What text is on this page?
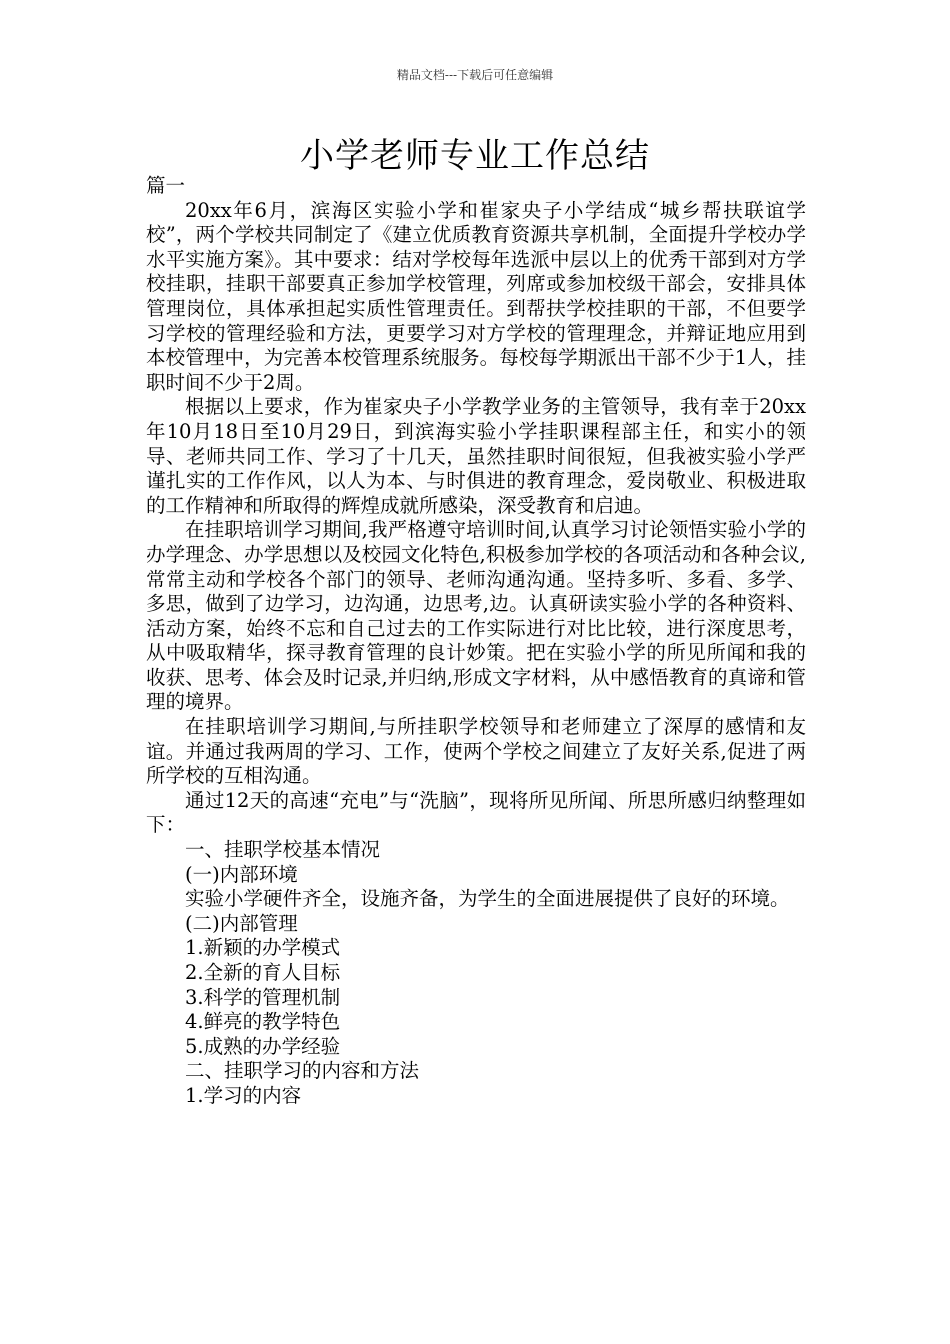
精品文档---下载后可任意编辑
小学老师专业工作总结

篇一

20xx年6月，滨海区实验小学和崔家央子小学结成“城乡帮扶联谊学校”，两个学校共同制定了《建立优质教育资源共享机制，全面提升学校办学水平实施方案》。其中要求：结对学校每年选派中层以上的优秀干部到对方学校挂职，挂职干部要真正参加学校管理，列席或参加校级干部会，安排具体管理岗位，具体承担起实质性管理责任。到帮扶学校挂职的干部，不但要学习学校的管理经验和方法，更要学习对方学校的管理理念，并辩证地应用到本校管理中，为完善本校管理系统服务。每校每学期派出干部不少于1人，挂职时间不少于2周。

根据以上要求，作为崔家央子小学教学业务的主管领导，我有幸于20xx年10月18日至10月29日，到滨海实验小学挂职课程部主任，和实小的领导、老师共同工作、学习了十几天，虽然挂职时间很短，但我被实验小学严谨扎实的工作作风，以人为本、与时俱进的教育理念，爱岗敬业、积极进取的工作精神和所取得的辉煌成就所感染，深受教育和启迪。

在挂职培训学习期间,我严格遵守培训时间,认真学习讨论领悟实验小学的办学理念、办学思想以及校园文化特色,积极参加学校的各项活动和各种会议,常常主动和学校各个部门的领导、老师沟通沟通。坚持多听、多看、多学、多思，做到了边学习，边沟通，边思考,边。认真研读实验小学的各种资料、活动方案，始终不忘和自己过去的工作实际进行对比比较，进行深度思考，从中吸取精华，探寻教育管理的良计妙策。把在实验小学的所见所闻和我的收获、思考、体会及时记录,并归纳,形成文字材料，从中感悟教育的真谛和管理的境界。

在挂职培训学习期间,与所挂职学校领导和老师建立了深厚的感情和友谊。并通过我两周的学习、工作，使两个学校之间建立了友好关系,促进了两所学校的互相沟通。

通过12天的高速“充电”与“洗脑”，现将所见所闻、所思所感归纳整理如下：

一、挂职学校基本情况

(一)内部环境

实验小学硬件齐全，设施齐备，为学生的全面进展提供了良好的环境。

(二)内部管理

1.新颖的办学模式

2.全新的育人目标

3.科学的管理机制

4.鲜亮的教学特色

5.成熟的办学经验

二、挂职学习的内容和方法

1.学习的内容
